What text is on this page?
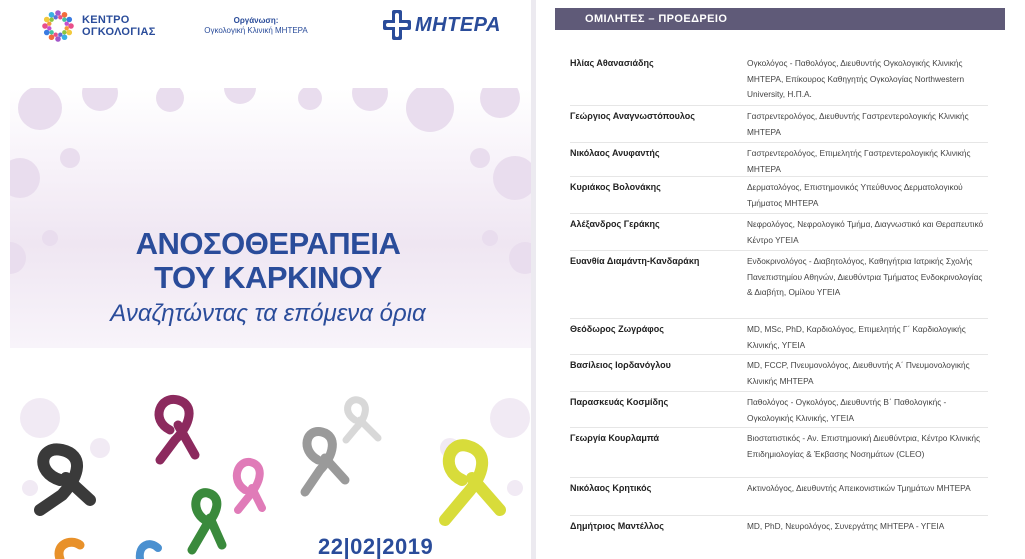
ΚΕΝΤΡΟ
ΟΓΚΟΛΟΓΙΑΣ
Οργάνωση:
Ογκολογική Κλινική ΜΗΤΕΡΑ	ΜΗΤΕΡΑ
ΑΝΟΣΟΘΕΡΑΠΕΙΑ
ΤΟΥ ΚΑΡΚΙΝΟΥ
Αναζητώντας τα επόμενα όρια
22|02|2019
ΟΜΙΛΗΤΕΣ – ΠΡΟΕΔΡΕΙΟ
Ηλίας Αθανασιάδης	Ογκολόγος - Παθολόγος, Διευθυντής Ογκολογικής Κλινικής ΜΗΤΕΡΑ, Επίκουρος Καθηγητής Ογκολογίας Northwestern University, Η.Π.Α.
Γεώργιος Αναγνωστόπουλος	Γαστρεντερολόγος, Διευθυντής Γαστρεντερολογικής Κλινικής ΜΗΤΕΡΑ
Νικόλαος Ανυφαντής	Γαστρεντερολόγος, Επιμελητής Γαστρεντερολογικής Κλινικής ΜΗΤΕΡΑ
Κυριάκος Βολονάκης	Δερματολόγος, Επιστημονικός Υπεύθυνος Δερματολογικού Τμήματος ΜΗΤΕΡΑ
Αλέξανδρος Γεράκης	Νεφρολόγος, Νεφρολογικό Τμήμα, Διαγνωστικό και Θεραπευτικό Κέντρο ΥΓΕΙΑ
Ευανθία Διαμάντη-Κανδαράκη	Ενδοκρινολόγος - Διαβητολόγος, Καθηγήτρια Ιατρικής Σχολής Πανεπιστημίου Αθηνών, Διευθύντρια Τμήματος Ενδοκρινολογίας & Διαβήτη, Ομίλου ΥΓΕΙΑ
Θεόδωρος Ζωγράφος	MD, MSc, PhD, Καρδιολόγος, Επιμελητής Γ΄ Καρδιολογικής Κλινικής, ΥΓΕΙΑ
Βασίλειος Ιορδανόγλου	MD, FCCP, Πνευμονολόγος, Διευθυντής Α΄ Πνευμονολογικής Κλινικής ΜΗΤΕΡΑ
Παρασκευάς Κοσμίδης	Παθολόγος - Ογκολόγος, Διευθυντής Β΄ Παθολογικής - Ογκολογικής Κλινικής, ΥΓΕΙΑ
Γεωργία Κουρλαμπά	Βιοστατιστικός - Αν. Επιστημονική Διευθύντρια, Κέντρο Κλινικής Επιδημιολογίας & Έκβασης Νοσημάτων (CLEO)
Νικόλαος Κρητικός	Ακτινολόγος, Διευθυντής Απεικονιστικών Τμημάτων ΜΗΤΕΡΑ
Δημήτριος Μαντέλλος	MD, PhD, Νευρολόγος, Συνεργάτης ΜΗΤΕΡΑ - ΥΓΕΙΑ
